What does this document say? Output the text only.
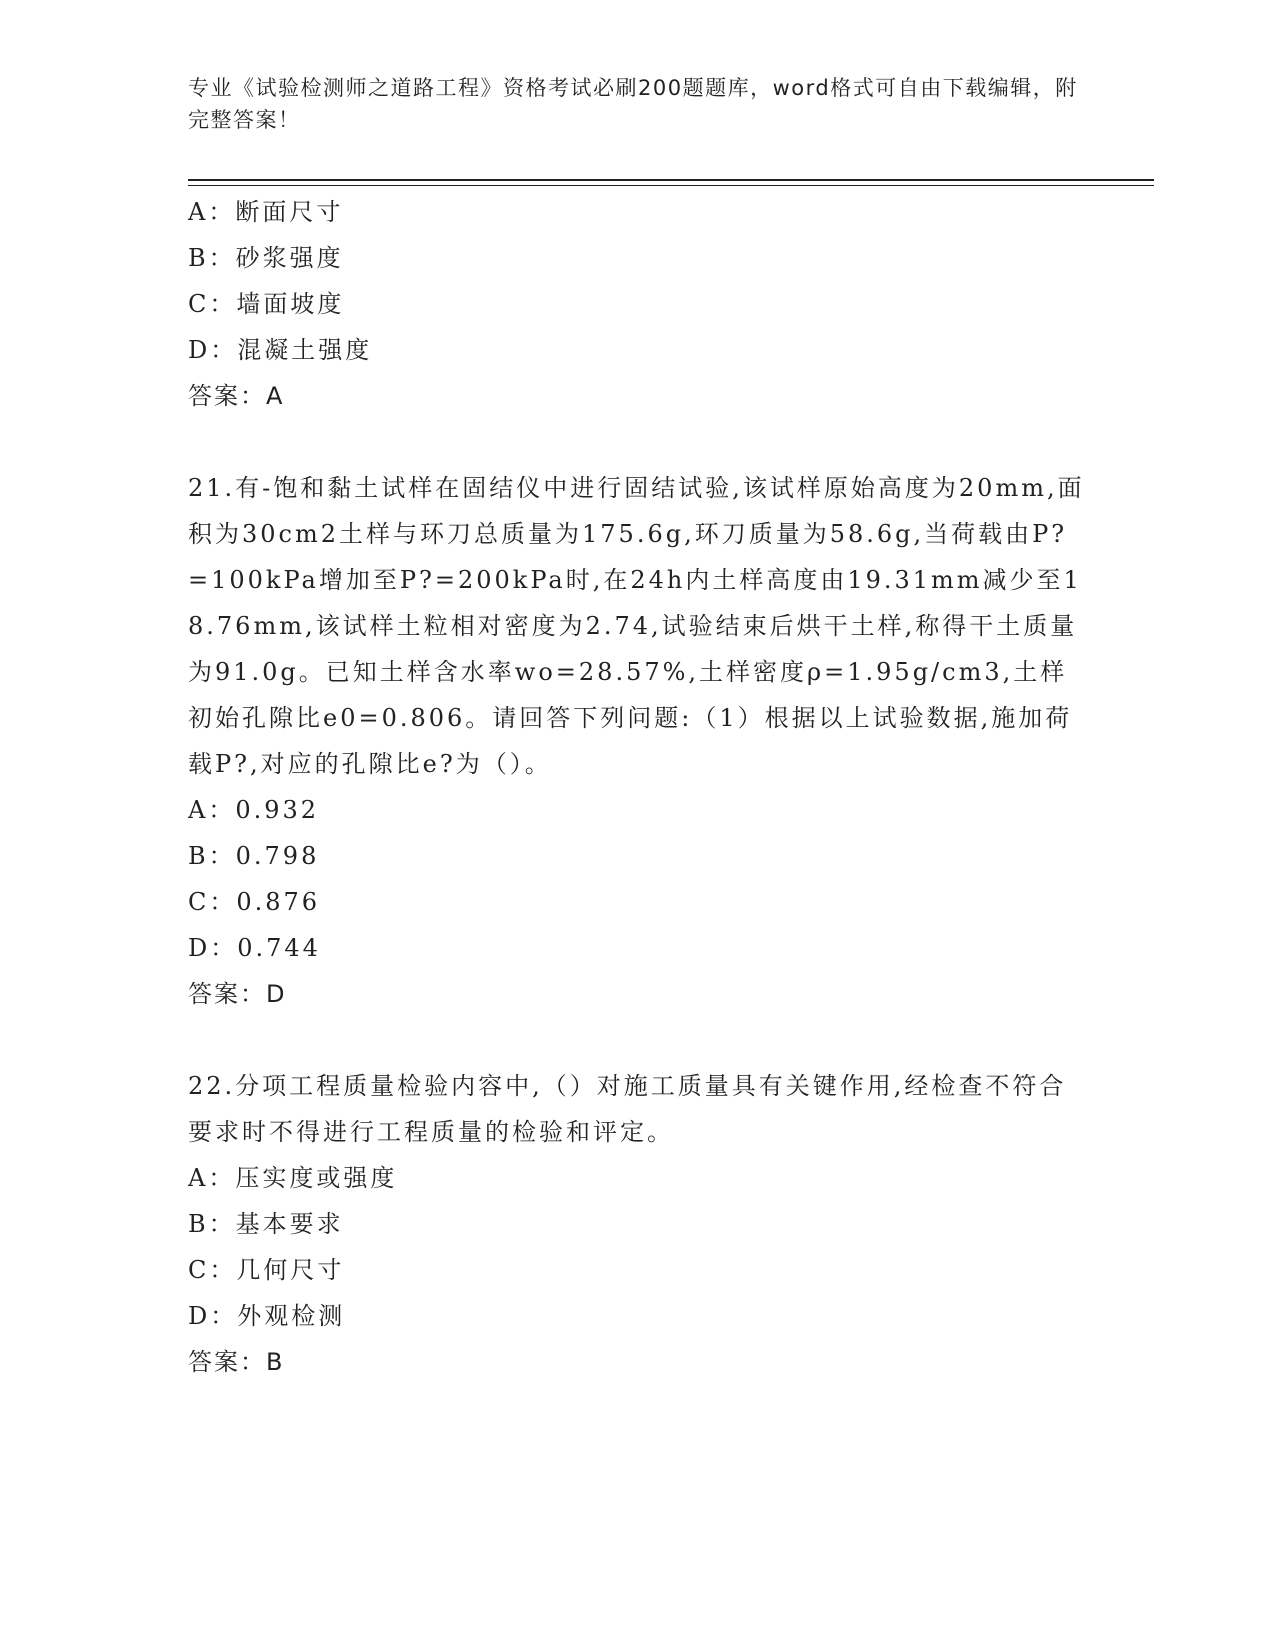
专业《试验检测师之道路工程》资格考试必刷200题题库，word格式可自由下载编辑，附完整答案！
A：断面尺寸
B：砂浆强度
C：墙面坡度
D：混凝土强度
答案：A
21.有-饱和黏土试样在固结仪中进行固结试验,该试样原始高度为20mm,面积为30cm2土样与环刀总质量为175.6g,环刀质量为58.6g,当荷载由P?=100kPa增加至P?=200kPa时,在24h内土样高度由19.31mm减少至18.76mm,该试样土粒相对密度为2.74,试验结束后烘干土样,称得干土质量为91.0g。已知土样含水率wo=28.57%,土样密度ρ=1.95g/cm3,土样初始孔隙比e0=0.806。请回答下列问题:（1）根据以上试验数据,施加荷载P?,对应的孔隙比e?为（）。
A：0.932
B：0.798
C：0.876
D：0.744
答案：D
22.分项工程质量检验内容中,（）对施工质量具有关键作用,经检查不符合要求时不得进行工程质量的检验和评定。
A：压实度或强度
B：基本要求
C：几何尺寸
D：外观检测
答案：B
